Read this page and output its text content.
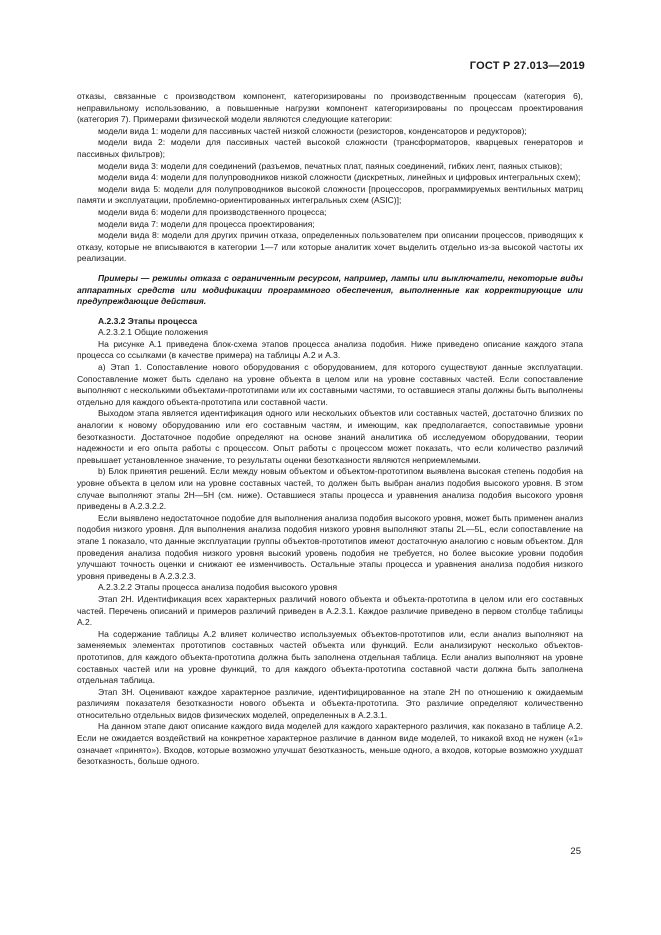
ГОСТ Р 27.013—2019

отказы, связанные с производством компонент, категоризированы по производственным процессам (категория 6), неправильному использованию, а повышенные нагрузки компонент категоризированы по процессам проектирования (категория 7). Примерами физической модели являются следующие категории:

модели вида 1: модели для пассивных частей низкой сложности (резисторов, конденсаторов и редукторов);

модели вида 2: модели для пассивных частей высокой сложности (трансформаторов, кварцевых генераторов и пассивных фильтров);

модели вида 3: модели для соединений (разъемов, печатных плат, паяных соединений, гибких лент, паяных стыков);

модели вида 4: модели для полупроводников низкой сложности (дискретных, линейных и цифровых интегральных схем);

модели вида 5: модели для полупроводников высокой сложности [процессоров, программируемых вентильных матриц памяти и эксплуатации, проблемно-ориентированных интегральных схем (ASIC)];

модели вида 6: модели для производственного процесса;

модели вида 7: модели для процесса проектирования;

модели вида 8: модели для других причин отказа, определенных пользователем при описании процессов, приводящих к отказу, которые не вписываются в категории 1—7 или которые аналитик хочет выделить отдельно из-за высокой частоты их реализации.

Примеры — режимы отказа с ограниченным ресурсом, например, лампы или выключатели, некоторые виды аппаратных средств или модификации программного обеспечения, выполненные как корректирующие или предупреждающие действия.

А.2.3.2 Этапы процесса

А.2.3.2.1 Общие положения

На рисунке А.1 приведена блок-схема этапов процесса анализа подобия. Ниже приведено описание каждого этапа процесса со ссылками (в качестве примера) на таблицы А.2 и А.3.

а) Этап 1. Сопоставление нового оборудования с оборудованием, для которого существуют данные эксплуатации. Сопоставление может быть сделано на уровне объекта в целом или на уровне составных частей. Если сопоставление выполняют с несколькими объектами-прототипами или их составными частями, то оставшиеся этапы должны быть выполнены отдельно для каждого объекта-прототипа или составной части.

Выходом этапа является идентификация одного или нескольких объектов или составных частей, достаточно близких по аналогии к новому оборудованию или его составным частям, и имеющим, как предполагается, сопоставимые уровни безотказности. Достаточное подобие определяют на основе знаний аналитика об исследуемом оборудовании, теории надежности и его опыта работы с процессом. Опыт работы с процессом может показать, что если количество различий превышает установленное значение, то результаты оценки безотказности являются неприемлемыми.

b) Блок принятия решений. Если между новым объектом и объектом-прототипом выявлена высокая степень подобия на уровне объекта в целом или на уровне составных частей, то должен быть выбран анализ подобия высокого уровня. В этом случае выполняют этапы 2Н—5Н (см. ниже). Оставшиеся этапы процесса и уравнения анализа подобия высокого уровня приведены в А.2.3.2.2.

Если выявлено недостаточное подобие для выполнения анализа подобия высокого уровня, может быть применен анализ подобия низкого уровня. Для выполнения анализа подобия низкого уровня выполняют этапы 2L—5L, если сопоставление на этапе 1 показало, что данные эксплуатации группы объектов-прототипов имеют достаточную аналогию с новым объектом. Для проведения анализа подобия низкого уровня высокий уровень подобия не требуется, но более высокие уровни подобия улучшают точность оценки и снижают ее изменчивость. Остальные этапы процесса и уравнения анализа подобия низкого уровня приведены в А.2.3.2.3.

А.2.3.2.2 Этапы процесса анализа подобия высокого уровня

Этап 2Н. Идентификация всех характерных различий нового объекта и объекта-прототипа в целом или его составных частей. Перечень описаний и примеров различий приведен в А.2.3.1. Каждое различие приведено в первом столбце таблицы А.2.

На содержание таблицы А.2 влияет количество используемых объектов-прототипов или, если анализ выполняют на заменяемых элементах прототипов составных частей объекта или функций. Если анализируют несколько объектов-прототипов, для каждого объекта-прототипа должна быть заполнена отдельная таблица. Если анализ выполняют на уровне составных частей или на уровне функций, то для каждого объекта-прототипа составной части должна быть заполнена отдельная таблица.

Этап 3Н. Оценивают каждое характерное различие, идентифицированное на этапе 2Н по отношению к ожидаемым различиям показателя безотказности нового объекта и объекта-прототипа. Это различие определяют количественно относительно отдельных видов физических моделей, определенных в А.2.3.1.

На данном этапе дают описание каждого вида моделей для каждого характерного различия, как показано в таблице А.2. Если не ожидается воздействий на конкретное характерное различие в данном виде моделей, то никакой вход не нужен («1» означает «принято»). Входов, которые возможно улучшат безотказность, меньше одного, а входов, которые возможно ухудшат безотказность, больше одного.

25
